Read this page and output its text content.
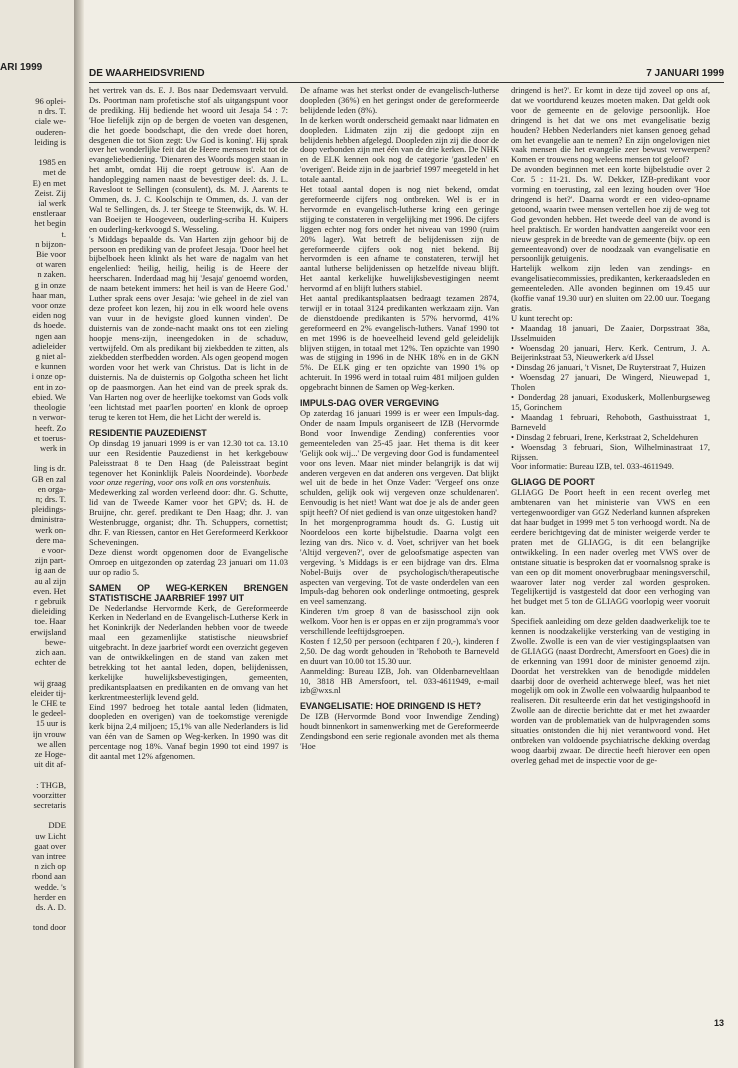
ARI 1999
96 oplei-
n drs. T.
ciale we-
ouderen-
leiding is

1985 en
met de
E) en met
Zeist. Zij
ial werk
enstleraar
het begin
t.
n bijzon-
Bie voor
ot waren
n zaken.
g in onze
haar man,
voor onze
eiden nog
ds hoede.
ngen aan
adieleider
g niet al-
e kunnen
i onze op-
ent in zo-
ebied. We
theologie
n verwor-
heeft. Zo
et toerus-
werk in

ling is dr.
GB en zal
en orga-
n; drs. T.
pleidings-
dministra-
werk on-
dere ma-
e voor-
zijn part-
ig aan de
au al zijn
even. Het
r gebruik
dieleiding
toe. Haar
erwijsland
bewe-
zich aan.
echter de

wij graag
eleider tij-
le CHE te
le gedeel-
15 uur is
ijn vrouw
we allen
ze Hoge-
uit dit af-

: THGB,
voorzitter
secretaris

DDE
uw Licht
gaat over
van intree
n zich op
rbond aan
wedde. 's
herder en
ds. A. D.

tond door
DE WAARHEIDSVRIEND	7 JANUARI 1999

het vertrek van ds. E. J. Bos naar Dedemsvaart vervuld. Ds. Poortman nam profetische stof als uitgangspunt voor de prediking. Hij bediende het woord uit Jesaja 54 : 7: 'Hoe liefelijk zijn op de bergen de voeten van desgenen, die het goede boodschapt, die den vrede doet horen, desgenen die tot Sion zegt: Uw God is koning'. Hij sprak over het wonderlijke feit dat de Heere mensen trekt tot de evangeliebediening. 'Dienaren des Woords mogen staan in het ambt, omdat Hij die roept getrouw is'. Aan de handoplegging namen naast de bevestiger deel: ds. J. L. Ravesloot te Sellingen (consulent), ds. M. J. Aarents te Ommen, ds. J. C. Koolschijn te Ommen, ds. J. van der Wal te Sellingen, ds. J. ter Steege te Steenwijk, ds. W. H. van Boeijen te Hoogeveen, ouderling-scriba H. Kuipers en ouderling-kerkvoogd S. Wesseling.

's Middags bepaalde ds. Van Harten zijn gehoor bij de persoon en prediking van de profeet Jesaja. 'Door heel het bijbelboek heen klinkt als het ware de nagalm van het engelenlied: 'heilig, heilig, heilig is de Heere der heerscharen. Inderdaad mag hij 'Jesaja' genoemd worden, de naam betekent immers: het heil is van de Heere God.' Luther sprak eens over Jesaja: 'wie geheel in de ziel van deze profeet kon lezen, hij zou in elk woord hele ovens van vuur in de hevigste gloed kunnen vinden'. De duisternis van de zonde-nacht maakt ons tot een zieling hoopje mens-zijn, ineengedoken in de schaduw, vertwijfeld. Om als predikant bij ziekbedden te zitten, als ziekbedden sterfbedden worden. Als ogen geopend mogen worden voor het werk van Christus. Dat is licht in de duisternis. Na de duisternis op Golgotha scheen het licht op de paasmorgen. Aan het eind van de preek sprak ds. Van Harten nog over de heerlijke toekomst van Gods volk 'een lichtstad met paar'len poorten' en klonk de oproep terug te keren tot Hem, die het Licht der wereld is.

RESIDENTIE PAUZEDIENST

Op dinsdag 19 januari 1999 is er van 12.30 tot ca. 13.10 uur een Residentie Pauzedienst in het kerkgebouw Paleisstraat 8 te Den Haag (de Paleisstraat begint tegenover het Koninklijk Paleis Noordeinde). Voorbede voor onze regering, voor ons volk en ons vorstenhuis.

Medewerking zal worden verleend door: dhr. G. Schutte, lid van de Tweede Kamer voor het GPV; ds. H. de Bruijne, chr. geref. predikant te Den Haag; dhr. J. van Westenbrugge, organist; dhr. Th. Schuppers, cornettist; dhr. F. van Riessen, cantor en Het Gereformeerd Kerkkoor Scheveningen.

Deze dienst wordt opgenomen door de Evangelische Omroep en uitgezonden op zaterdag 23 januari om 11.03 uur op radio 5.

SAMEN OP WEG-KERKEN BRENGEN STATISTISCHE JAARBRIEF 1997 UIT

De Nederlandse Hervormde Kerk, de Gereformeerde Kerken in Nederland en de Evangelisch-Lutherse Kerk in het Koninkrijk der Nederlanden hebben voor de tweede maal een gezamenlijke statistische nieuwsbrief uitgebracht. In deze jaarbrief wordt een overzicht gegeven van de ontwikkelingen en de stand van zaken met betrekking tot het aantal leden, dopen, belijdenissen, kerkelijke huwelijksbevestigingen, gemeenten, predikantsplaatsen en predikanten en de omvang van het kerkrentmeesterlijk levend geld.

Eind 1997 bedroeg het totale aantal leden (lidmaten, doopleden en overigen) van de toekomstige verenigde kerk bijna 2,4 miljoen; 15,1% van alle Nederlanders is lid van één van de Samen op Weg-kerken. In 1990 was dit percentage nog 18%. Vanaf begin 1990 tot eind 1997 is dit aantal met 12% afgenomen.

De afname was het sterkst onder de evangelisch-lutherse doopleden (36%) en het geringst onder de gereformeerde belijdende leden (8%).

In de kerken wordt onderscheid gemaakt naar lidmaten en doopleden. Lidmaten zijn zij die gedoopt zijn en belijdenis hebben afgelegd. Doopleden zijn zij die door de doop verbonden zijn met één van de drie kerken. De NHK en de ELK kennen ook nog de categorie 'gastleden' en 'overigen'. Beide zijn in de jaarbrief 1997 meegeteld in het totale aantal.

Het totaal aantal dopen is nog niet bekend, omdat gereformeerde cijfers nog ontbreken. Wel is er in hervormde en evangelisch-lutherse kring een geringe stijging te constateren in vergelijking met 1996. De cijfers liggen echter nog fors onder het niveau van 1990 (ruim 20% lager). Wat betreft de belijdenissen zijn de gereformeerde cijfers ook nog niet bekend. Bij hervormden is een afname te constateren, terwijl het aantal lutherse belijdenissen op hetzelfde niveau blijft. Het aantal kerkelijke huwelijksbevestigingen neemt hervormd af en blijft luthers stabiel.

Het aantal predikantsplaatsen bedraagt tezamen 2874, terwijl er in totaal 3124 predikanten werkzaam zijn. Van de dienstdoende predikanten is 57% hervormd, 41% gereformeerd en 2% evangelisch-luthers. Vanaf 1990 tot en met 1996 is de hoeveelheid levend geld geleidelijk blijven stijgen, in totaal met 12%. Ten opzichte van 1990 was de stijging in 1996 in de NHK 18% en in de GKN 5%. De ELK ging er ten opzichte van 1990 1% op achteruit. In 1996 werd in totaal ruim 481 miljoen gulden opgebracht binnen de Samen op Weg-kerken.

IMPULS-DAG OVER VERGEVING

Op zaterdag 16 januari 1999 is er weer een Impuls-dag. Onder de naam Impuls organiseert de IZB (Hervormde Bond voor Inwendige Zending) conferenties voor gemeenteleden van 25-45 jaar. Het thema is dit keer 'Gelijk ook wij...' De vergeving door God is fundamenteel voor ons leven. Maar niet minder belangrijk is dat wij anderen vergeven en dat anderen ons vergeven. Dat blijkt wel uit de bede in het Onze Vader: 'Vergeef ons onze schulden, gelijk ook wij vergeven onze schuldenaren'. Eenvoudig is het niet! Want wat doe je als de ander geen spijt heeft? Of niet gediend is van onze uitgestoken hand?

In het morgenprogramma houdt ds. G. Lustig uit Noordeloos een korte bijbelstudie. Daarna volgt een lezing van drs. Nico v. d. Voet, schrijver van het boek 'Altijd vergeven?', over de geloofsmatige aspecten van vergeving. 's Middags is er een bijdrage van drs. Elma Nobel-Buijs over de psychologisch/therapeutische aspecten van vergeving. Tot de vaste onderdelen van een Impuls-dag behoren ook onderlinge ontmoeting, gesprek en veel samenzang.

Kinderen t/m groep 8 van de basisschool zijn ook welkom. Voor hen is er oppas en er zijn programma's voor verschillende leeftijdsgroepen.

Kosten f 12,50 per persoon (echtparen f 20,-), kinderen f 2,50. De dag wordt gehouden in 'Rehoboth te Barneveld en duurt van 10.00 tot 15.30 uur.

Aanmelding: Bureau IZB, Joh. van Oldenbarneveltlaan 10, 3818 HB Amersfoort, tel. 033-4611949, e-mail izb@wxs.nl

EVANGELISATIE: HOE DRINGEND IS HET?

De IZB (Hervormde Bond voor Inwendige Zending) houdt binnenkort in samenwerking met de Gereformeerde Zendingsbond een serie regionale avonden met als thema 'Hoe

dringend is het?'. Er komt in deze tijd zoveel op ons af, dat we voortdurend keuzes moeten maken. Dat geldt ook voor de gemeente en de gelovige persoonlijk. Hoe dringend is het dat we ons met evangelisatie bezig houden? Hebben Nederlanders niet kansen genoeg gehad om het evangelie aan te nemen? En zijn ongelovigen niet vaak mensen die het evangelie zeer bewust verwerpen? Komen er trouwens nog weleens mensen tot geloof?

De avonden beginnen met een korte bijbelstudie over 2 Cor. 5 : 11-21. Ds. W. Dekker, IZB-predikant voor vorming en toerusting, zal een lezing houden over 'Hoe dringend is het?'. Daarna wordt er een video-opname getoond, waarin twee mensen vertellen hoe zij de weg tot God gevonden hebben. Het tweede deel van de avond is heel praktisch. Er worden handvatten aangereikt voor een nieuw gesprek in de breedte van de gemeente (bijv. op een gemeenteavond) over de noodzaak van evangelisatie en persoonlijk getuigenis.

Hartelijk welkom zijn leden van zendings- en evangelisatiecommissies, predikanten, kerkeraadsleden en gemeenteleden. Alle avonden beginnen om 19.45 uur (koffie vanaf 19.30 uur) en sluiten om 22.00 uur. Toegang gratis.

U kunt terecht op:

• Maandag 18 januari, De Zaaier, Dorpsstraat 38a, IJsselmuiden

• Woensdag 20 januari, Herv. Kerk. Centrum, J. A. Beijerinkstraat 53, Nieuwerkerk a/d IJssel

• Dinsdag 26 januari, 't Visnet, De Ruyterstraat 7, Huizen

• Woensdag 27 januari, De Wingerd, Nieuwepad 1, Tholen

• Donderdag 28 januari, Exoduskerk, Mollenburgseweg 15, Gorinchem

• Maandag 1 februari, Rehoboth, Gasthuisstraat 1, Barneveld

• Dinsdag 2 februari, Irene, Kerkstraat 2, Scheldehuren

• Woensdag 3 februari, Sion, Wilhelminastraat 17, Rijssen.

Voor informatie: Bureau IZB, tel. 033-4611949.

GLIAGG DE POORT

GLIAGG De Poort heeft in een recent overleg met ambtenaren van het ministerie van VWS en een vertegenwoordiger van GGZ Nederland kunnen afspreken dat haar budget in 1999 met 5 ton verhoogd wordt. Na de eerdere berichtgeving dat de minister weigerde verder te praten met de GLIAGG, is dit een belangrijke ontwikkeling. In een nader overleg met VWS over de ontstane situatie is besproken dat er voornalsnog sprake is van een op dit moment onoverbrugbaar meningsverschil, waarover later nog verder zal worden gesproken. Tegelijkertijd is vastgesteld dat door een verhoging van het budget met 5 ton de GLIAGG voorlopig weer vooruit kan.

Specifiek aanleiding om deze gelden daadwerkelijk toe te kennen is noodzakelijke versterking van de vestiging in Zwolle. Zwolle is een van de vier vestigingsplaatsen van de GLIAGG (naast Dordrecht, Amersfoort en Goes) die in de erkenning van 1991 door de minister genoemd zijn. Doordat het verstrekken van de benodigde middelen daarbij door de overheid achterwege bleef, was het niet mogelijk om ook in Zwolle een volwaardig hulpaanbod te realiseren. Dit resulteerde erin dat het vestigingshoofd in Zwolle aan de directie berichtte dat er met het zwaarder worden van de problematiek van de hulpvragenden soms situaties ontstonden die hij niet verantwoord vond. Het ontbreken van voldoende psychiatrische dekking overdag woog daarbij zwaar. De directie heeft hierover een open overleg gehad met de inspectie voor de ge-

13
